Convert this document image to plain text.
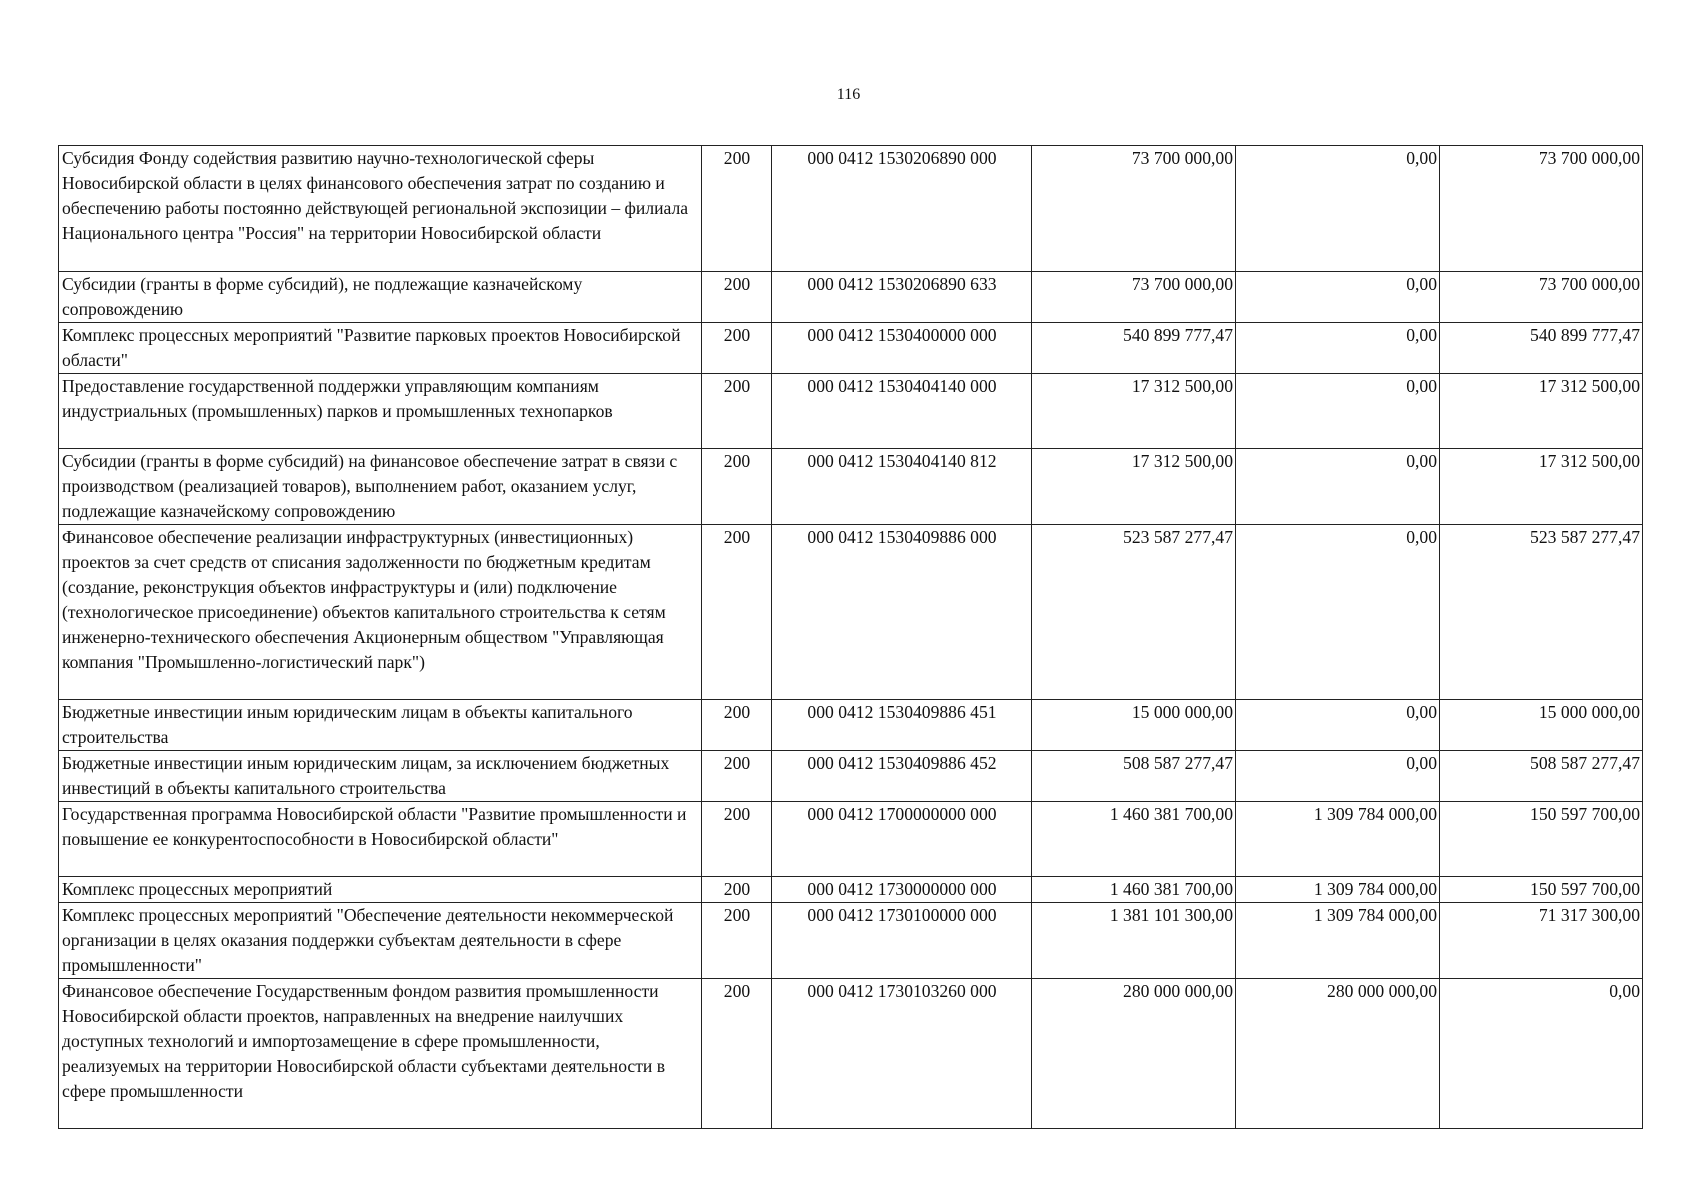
116
Субсидия Фонду содействия развитию научно-технологической сферы Новосибирской области в целях финансового обеспечения затрат по созданию и обеспечению работы постоянно действующей региональной экспозиции – филиала Национального центра "Россия" на территории Новосибирской области	200	000 0412 1530206890 000	73 700 000,00	0,00	73 700 000,00
Субсидии (гранты в форме субсидий), не подлежащие казначейскому сопровождению	200	000 0412 1530206890 633	73 700 000,00	0,00	73 700 000,00
Комплекс процессных мероприятий "Развитие парковых проектов Новосибирской области"	200	000 0412 1530400000 000	540 899 777,47	0,00	540 899 777,47
Предоставление государственной поддержки управляющим компаниям индустриальных (промышленных) парков и промышленных технопарков	200	000 0412 1530404140 000	17 312 500,00	0,00	17 312 500,00
Субсидии (гранты в форме субсидий) на финансовое обеспечение затрат в связи с производством (реализацией товаров), выполнением работ, оказанием услуг, подлежащие казначейскому сопровождению	200	000 0412 1530404140 812	17 312 500,00	0,00	17 312 500,00
Финансовое обеспечение реализации инфраструктурных (инвестиционных) проектов за счет средств от списания задолженности по бюджетным кредитам (создание, реконструкция объектов инфраструктуры и (или) подключение (технологическое присоединение) объектов капитального строительства к сетям инженерно-технического обеспечения Акционерным обществом "Управляющая компания "Промышленно-логистический парк")	200	000 0412 1530409886 000	523 587 277,47	0,00	523 587 277,47
Бюджетные инвестиции иным юридическим лицам в объекты капитального строительства	200	000 0412 1530409886 451	15 000 000,00	0,00	15 000 000,00
Бюджетные инвестиции иным юридическим лицам, за исключением бюджетных инвестиций в объекты капитального строительства	200	000 0412 1530409886 452	508 587 277,47	0,00	508 587 277,47
Государственная программа Новосибирской области "Развитие промышленности и повышение ее конкурентоспособности в Новосибирской области"	200	000 0412 1700000000 000	1 460 381 700,00	1 309 784 000,00	150 597 700,00
Комплекс процессных мероприятий	200	000 0412 1730000000 000	1 460 381 700,00	1 309 784 000,00	150 597 700,00
Комплекс процессных мероприятий "Обеспечение деятельности некоммерческой организации в целях оказания поддержки субъектам деятельности в сфере промышленности"	200	000 0412 1730100000 000	1 381 101 300,00	1 309 784 000,00	71 317 300,00
Финансовое обеспечение Государственным фондом развития промышленности Новосибирской области проектов, направленных на внедрение наилучших доступных технологий и импортозамещение в сфере промышленности, реализуемых на территории Новосибирской области субъектами деятельности в сфере промышленности	200	000 0412 1730103260 000	280 000 000,00	280 000 000,00	0,00
